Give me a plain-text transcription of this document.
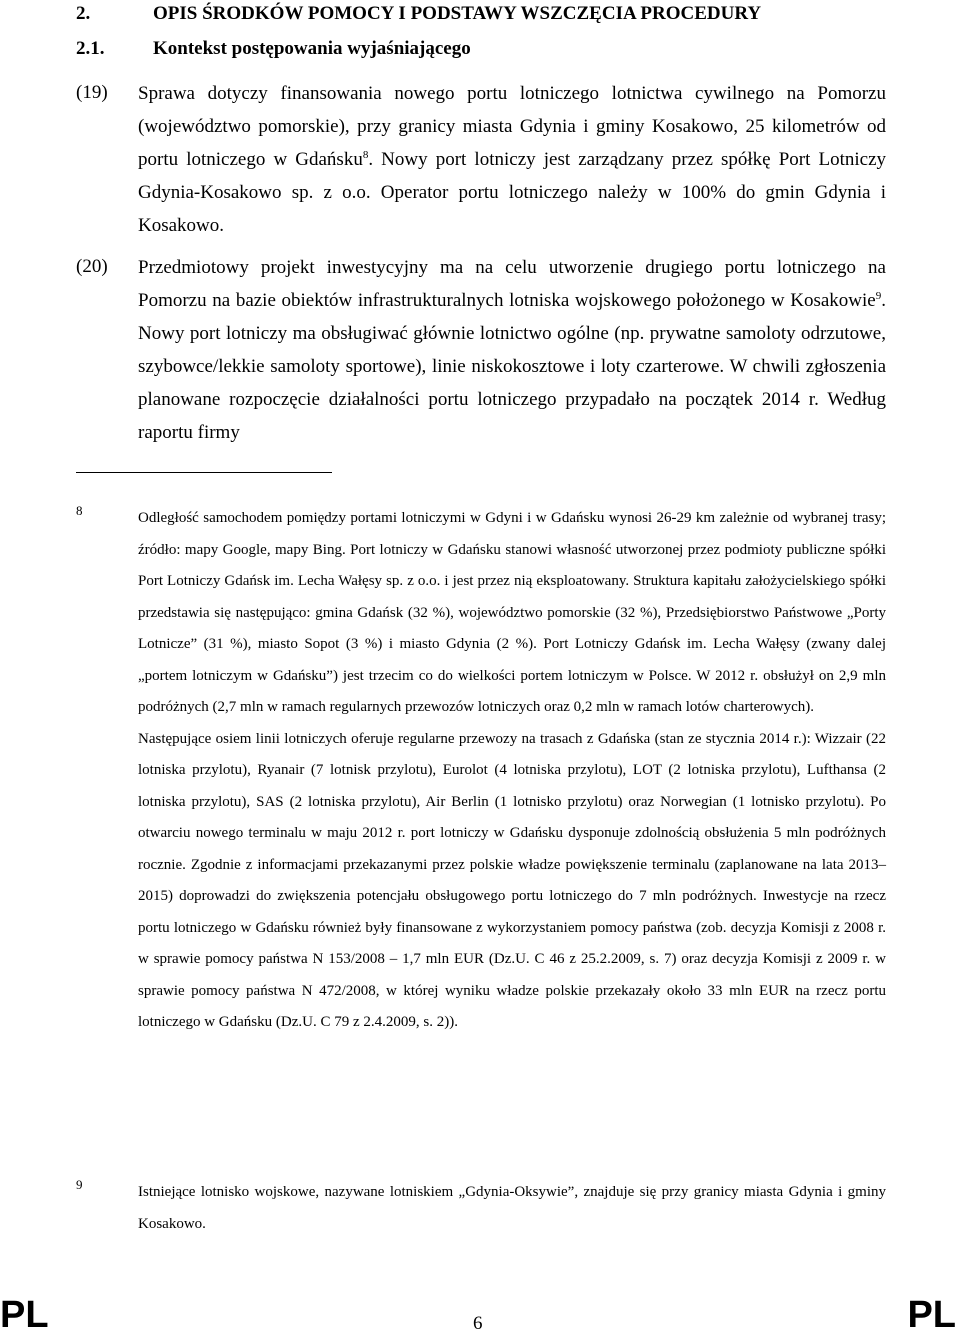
2.	OPIS ŚRODKÓW POMOCY I PODSTAWY WSZCZĘCIA PROCEDURY
2.1.	Kontekst postępowania wyjaśniającego
(19) Sprawa dotyczy finansowania nowego portu lotniczego lotnictwa cywilnego na Pomorzu (województwo pomorskie), przy granicy miasta Gdynia i gminy Kosakowo, 25 kilometrów od portu lotniczego w Gdańsku$^8$. Nowy port lotniczy jest zarządzany przez spółkę Port Lotniczy Gdynia-Kosakowo sp. z o.o. Operator portu lotniczego należy w 100% do gmin Gdynia i Kosakowo.
(20) Przedmiotowy projekt inwestycyjny ma na celu utworzenie drugiego portu lotniczego na Pomorzu na bazie obiektów infrastrukturalnych lotniska wojskowego położonego w Kosakowie$^9$. Nowy port lotniczy ma obsługiwać głównie lotnictwo ogólne (np. prywatne samoloty odrzutowe, szybowce/lekkie samoloty sportowe), linie niskokosztowe i loty czarterowe. W chwili zgłoszenia planowane rozpoczęcie działalności portu lotniczego przypadało na początek 2014 r. Według raportu firmy
8	Odległość samochodem pomiędzy portami lotniczymi w Gdyni i w Gdańsku wynosi 26-29 km zależnie od wybranej trasy; źródło: mapy Google, mapy Bing. Port lotniczy w Gdańsku stanowi własność utworzonej przez podmioty publiczne spółki Port Lotniczy Gdańsk im. Lecha Wałęsy sp. z o.o. i jest przez nią eksploatowany. Struktura kapitału założycielskiego spółki przedstawia się następująco: gmina Gdańsk (32 %), województwo pomorskie (32 %), Przedsiębiorstwo Państwowe „Porty Lotnicze” (31 %), miasto Sopot (3 %) i miasto Gdynia (2 %). Port Lotniczy Gdańsk im. Lecha Wałęsy (zwany dalej „portem lotniczym w Gdańsku”) jest trzecim co do wielkości portem lotniczym w Polsce. W 2012 r. obsłużył on 2,9 mln podróżnych (2,7 mln w ramach regularnych przewozów lotniczych oraz 0,2 mln w ramach lotów charterowych).

Następujące osiem linii lotniczych oferuje regularne przewozy na trasach z Gdańska (stan ze stycznia 2014 r.): Wizzair (22 lotniska przylotu), Ryanair (7 lotnisk przylotu), Eurolot (4 lotniska przylotu), LOT (2 lotniska przylotu), Lufthansa (2 lotniska przylotu), SAS (2 lotniska przylotu), Air Berlin (1 lotnisko przylotu) oraz Norwegian (1 lotnisko przylotu). Po otwarciu nowego terminalu w maju 2012 r. port lotniczy w Gdańsku dysponuje zdolnością obsłużenia 5 mln podróżnych rocznie. Zgodnie z informacjami przekazanymi przez polskie władze powiększenie terminalu (zaplanowane na lata 2013–2015) doprowadzi do zwiększenia potencjału obsługowego portu lotniczego do 7 mln podróżnych. Inwestycje na rzecz portu lotniczego w Gdańsku również były finansowane z wykorzystaniem pomocy państwa (zob. decyzja Komisji z 2008 r. w sprawie pomocy państwa N 153/2008 – 1,7 mln EUR (Dz.U. C 46 z 25.2.2009, s. 7) oraz decyzja Komisji z 2009 r. w sprawie pomocy państwa N 472/2008, w której wyniku władze polskie przekazały około 33 mln EUR na rzecz portu lotniczego w Gdańsku (Dz.U. C 79 z 2.4.2009, s. 2)).

9	Istniejące lotnisko wojskowe, nazywane lotniskiem „Gdynia-Oksywie”, znajduje się przy granicy miasta Gdynia i gminy Kosakowo.

PL	6	PL
